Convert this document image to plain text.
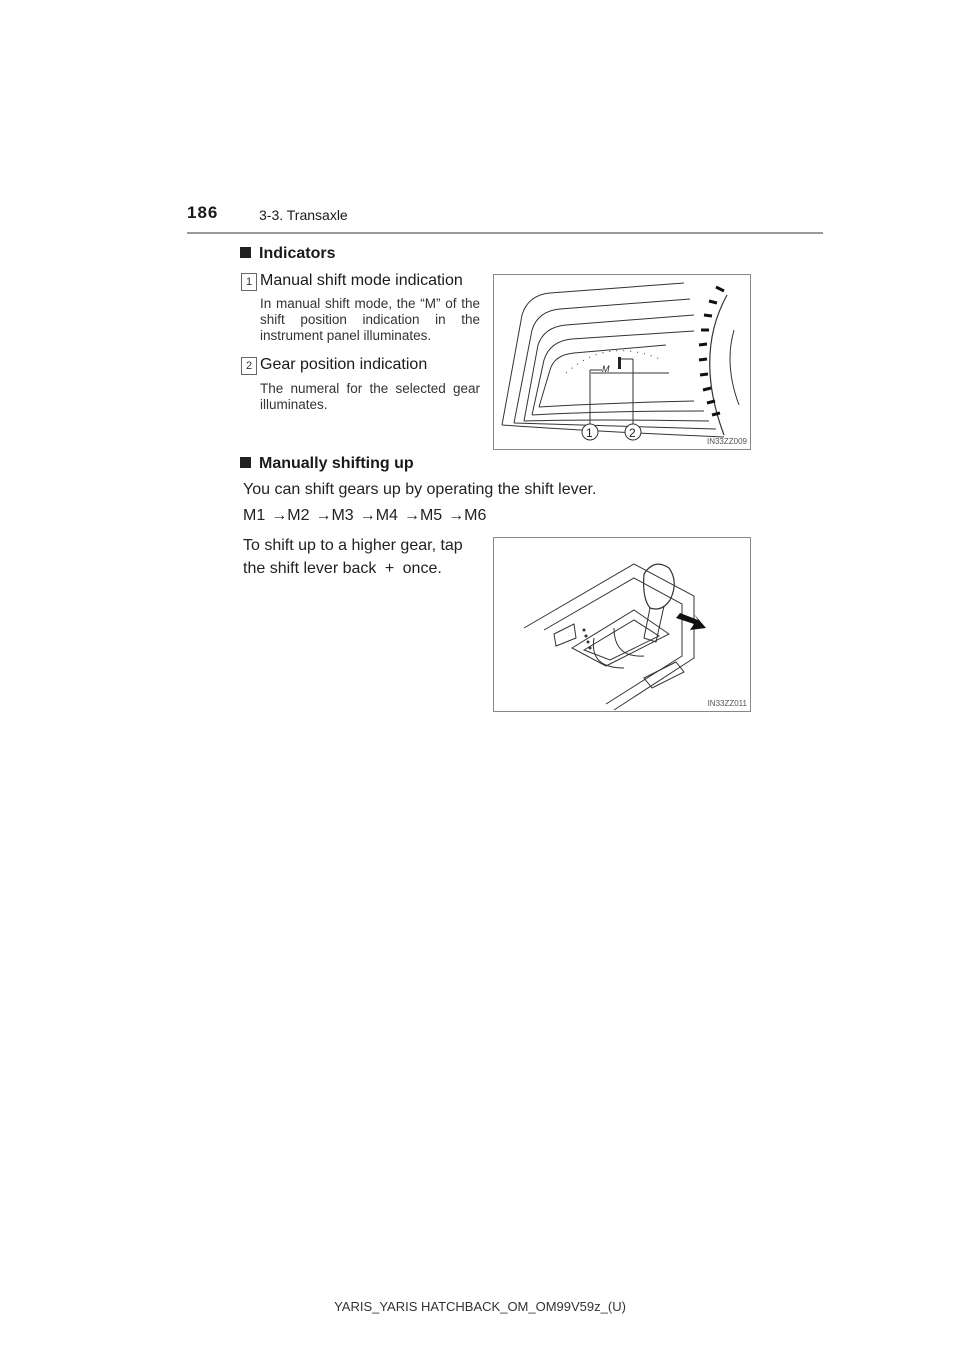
186	3-3. Transaxle
Indicators
1 Manual shift mode indication
In manual shift mode, the “M” of the shift position indication in the instrument panel illuminates.
2 Gear position indication
The numeral for the selected gear illuminates.
M
1	2
IN33ZZ009
Manually shifting up
You can shift gears up by operating the shift lever.
M1 →M2 →M3 →M4 →M5 →M6
To shift up to a higher gear, tap
the shift lever back + once.
IN33ZZ011
YARIS_YARIS HATCHBACK_OM_OM99V59z_(U)
